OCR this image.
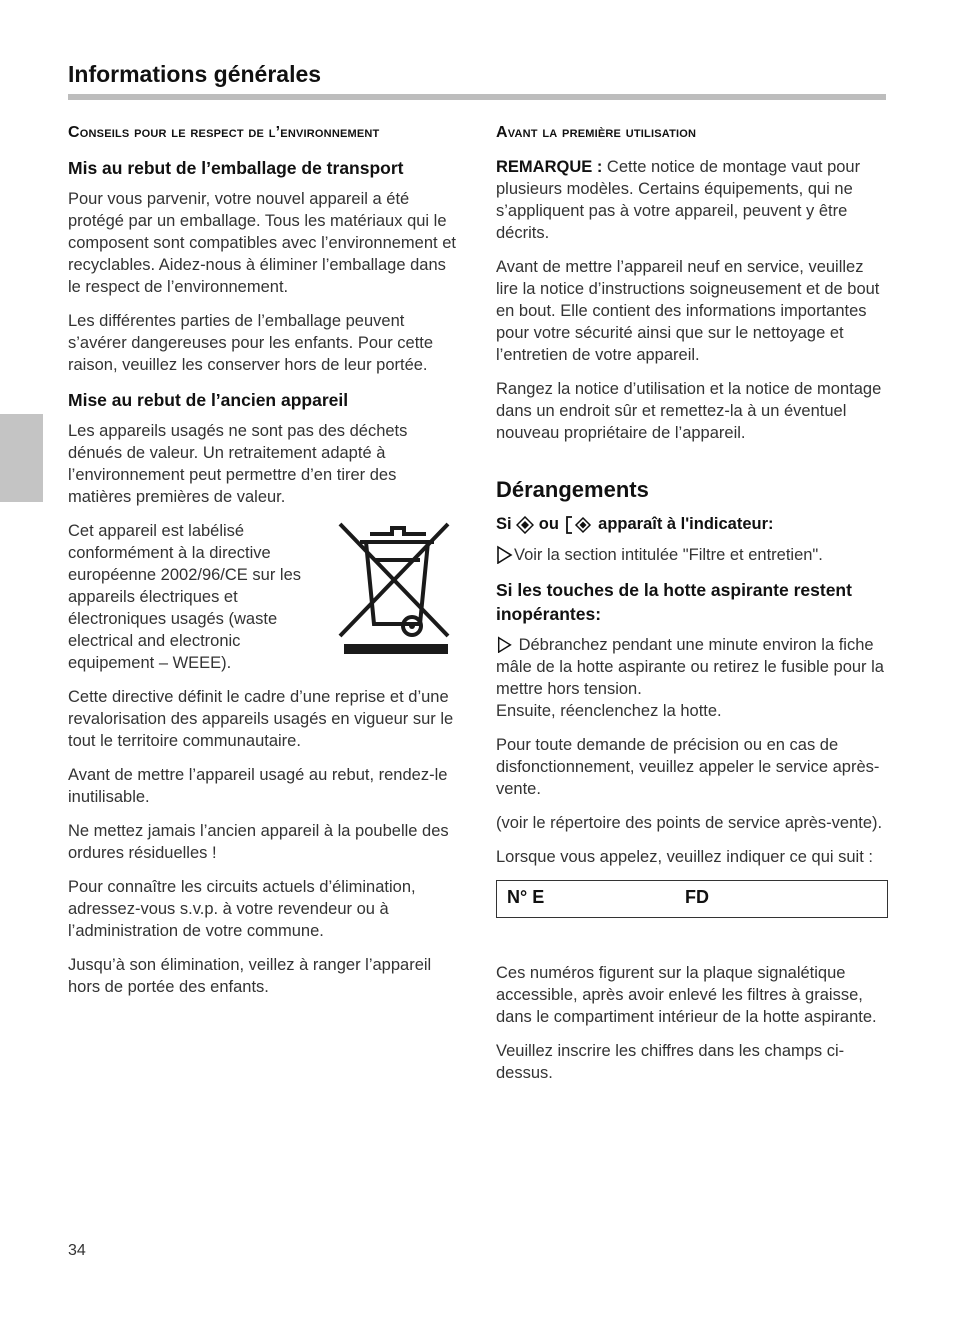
Informations générales
Conseils pour le respect de l’environnement
Mis au rebut de l’emballage de transport

Pour vous parvenir, votre nouvel appareil a été protégé par un emballage. Tous les matériaux qui le composent sont compatibles avec l’environnement et recyclables. Aidez-nous à éliminer l’emballage dans le respect de l’environnement.

Les différentes parties de l’emballage peuvent s’avérer dangereuses pour les enfants. Pour cette raison, veuillez les conserver hors de leur portée.

Mise au rebut de l’ancien appareil

Les appareils usagés ne sont pas des déchets dénués de valeur. Un retraitement adapté à l’environnement peut permettre d’en tirer des matières premières de valeur.

Cet appareil est labélisé conformément à la directive européenne 2002/96/CE sur les appareils électriques et électroniques usagés (waste electrical and electronic equipement – WEEE).

Cette directive définit le cadre d’une reprise et d’une revalorisation des appareils usagés en vigueur sur le tout le territoire communautaire.

Avant de mettre l’appareil usagé au rebut, rendez-le inutilisable.

Ne mettez jamais l’ancien appareil à la poubelle des ordures résiduelles !

Pour connaître les circuits actuels d’élimination, adressez-vous s.v.p. à votre revendeur ou à l’administration de votre commune.

Jusqu’à son élimination, veillez à ranger l’appareil hors de portée des enfants.

Avant la première utilisation

REMARQUE : Cette notice de montage vaut pour plusieurs modèles. Certains équipements, qui ne s’appliquent pas à votre appareil, peuvent y être décrits.

Avant de mettre l’appareil neuf en service, veuillez lire la notice d’instructions soigneusement et de bout en bout. Elle contient des informations importantes pour votre sécurité ainsi que sur le nettoyage et l’entretien de votre appareil.

Rangez la notice d’utilisation et la notice de montage dans un endroit sûr et remettez-la à un éventuel nouveau propriétaire de l’appareil.

Dérangements
Si ou apparaît à l'indicateur:

Voir la section intitulée "Filtre et entretien".

Si les touches de la hotte aspirante restent inopérantes:

Débranchez pendant une minute environ la fiche mâle de la hotte aspirante ou retirez le fusible pour la mettre hors tension.
Ensuite, réenclenchez la hotte.

Pour toute demande de précision ou en cas de disfonctionnement, veuillez appeler le service après-vente.

(voir le répertoire des points de service après-vente).

Lorsque vous appelez, veuillez indiquer ce qui suit :

N° E	FD

Ces numéros figurent sur la plaque signalétique accessible, après avoir enlevé les filtres à graisse, dans le compartiment intérieur de la hotte aspirante.

Veuillez inscrire les chiffres dans les champs ci-dessus.

34
